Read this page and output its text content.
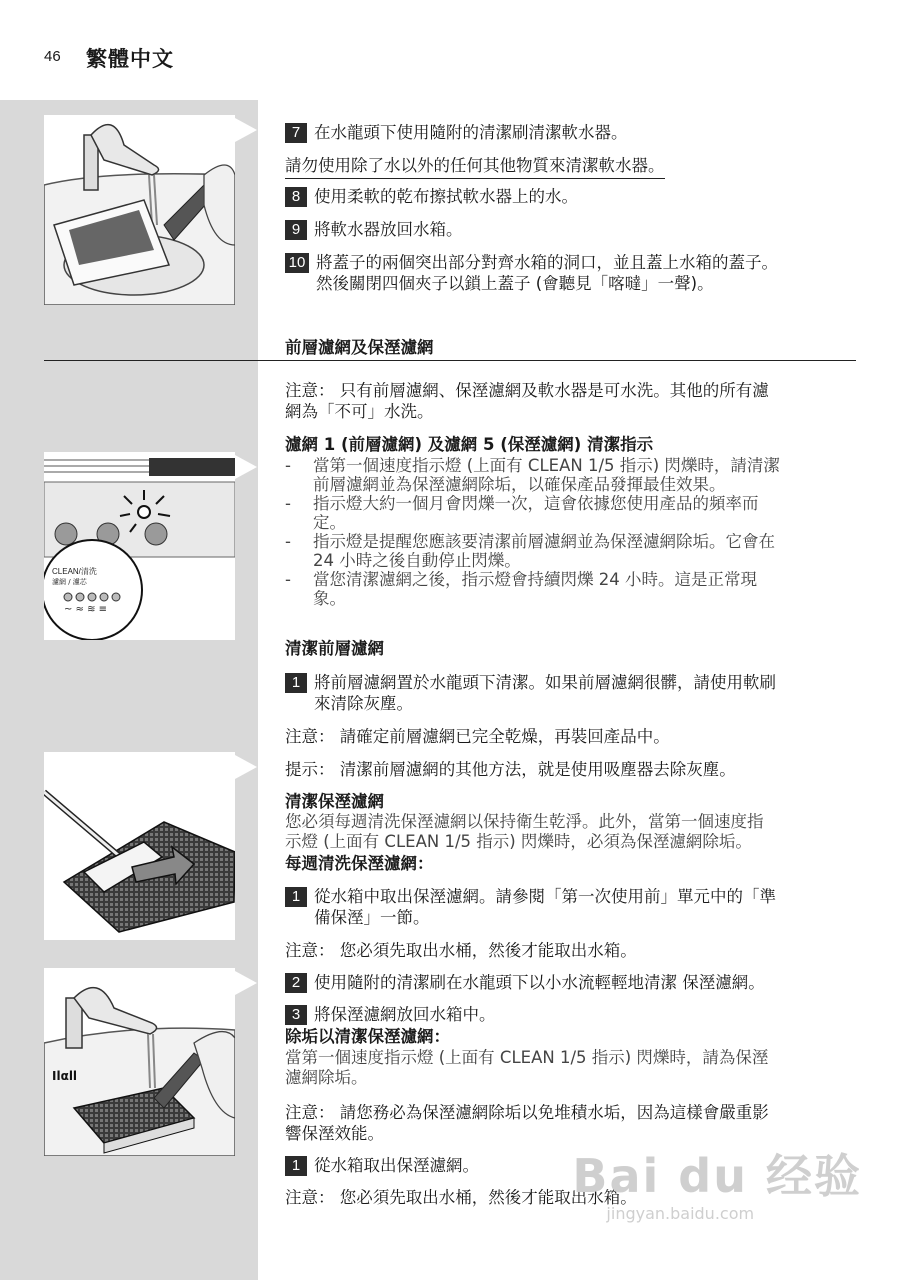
46 繁體中文
CLEAN/清洗
濾網 / 濾芯
~ ≈ ≋ ≡
Ilαll
7 在水龍頭下使用隨附的清潔刷清潔軟水器。
請勿使用除了水以外的任何其他物質來清潔軟水器。
8 使用柔軟的乾布擦拭軟水器上的水。
9 將軟水器放回水箱。
10 將蓋子的兩個突出部分對齊水箱的洞口，並且蓋上水箱的蓋子。
然後關閉四個夾子以鎖上蓋子 (會聽見「喀噠」一聲)。
前層濾網及保溼濾網
注意： 只有前層濾網、保溼濾網及軟水器是可水洗。其他的所有濾
網為「不可」水洗。
濾網 1 (前層濾網) 及濾網 5 (保溼濾網) 清潔指示
-	當第一個速度指示燈 (上面有 CLEAN 1/5 指示) 閃爍時，請清潔
前層濾網並為保溼濾網除垢，以確保產品發揮最佳效果。
-	指示燈大約一個月會閃爍一次，這會依據您使用產品的頻率而
定。
-	指示燈是提醒您應該要清潔前層濾網並為保溼濾網除垢。它會在
24 小時之後自動停止閃爍。
-	當您清潔濾網之後，指示燈會持續閃爍 24 小時。這是正常現
象。
清潔前層濾網
1 將前層濾網置於水龍頭下清潔。如果前層濾網很髒，請使用軟刷
來清除灰塵。
注意： 請確定前層濾網已完全乾燥，再裝回產品中。
提示： 清潔前層濾網的其他方法，就是使用吸塵器去除灰塵。
清潔保溼濾網
您必須每週清洗保溼濾網以保持衛生乾淨。此外，當第一個速度指
示燈 (上面有 CLEAN 1/5 指示) 閃爍時，必須為保溼濾網除垢。
每週清洗保溼濾網：
1 從水箱中取出保溼濾網。請參閱「第一次使用前」單元中的「準
備保溼」一節。
注意： 您必須先取出水桶，然後才能取出水箱。
2 使用隨附的清潔刷在水龍頭下以小水流輕輕地清潔 保溼濾網。
3 將保溼濾網放回水箱中。
除垢以清潔保溼濾網：
當第一個速度指示燈 (上面有 CLEAN 1/5 指示) 閃爍時，請為保溼
濾網除垢。
注意： 請您務必為保溼濾網除垢以免堆積水垢，因為這樣會嚴重影
響保溼效能。
1 從水箱取出保溼濾網。
注意： 您必須先取出水桶，然後才能取出水箱。
Bai du 经验
jingyan.baidu.com
